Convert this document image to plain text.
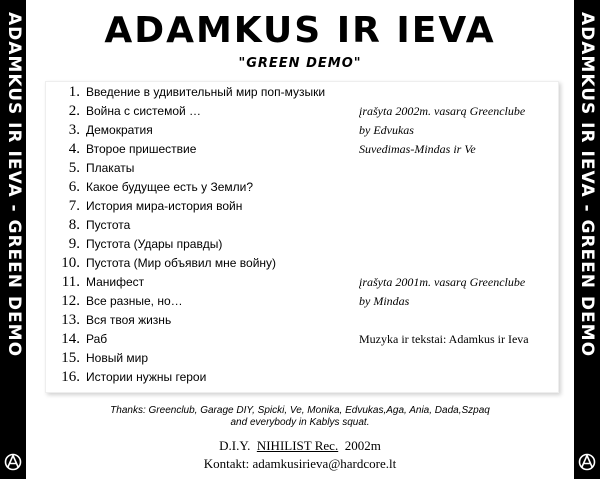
ADAMKUS IR IEVA - GREEN DEMO	ADAMKUS IR IEVA - GREEN DEMO
ADAMKUS IR IEVA
"GREEN DEMO"
1. Введение в удивительный мир поп-музыки
2. Война с системой …
3. Демократия
4. Второе пришествие
5. Плакаты
6. Какое будущее есть у Земли?
7. История мира-история войн
8. Пустота
9. Пустота (Удары правды)
10. Пустота (Мир объявил мне войну)
11. Манифест
12. Все разные, но…
13. Вся твоя жизнь
14. Раб
15. Новый мир
16. Истории нужны герои
įrašyta 2002m. vasarą Greenclube
by Edvukas
Suvedimas-Mindas ir Ve
įrašyta 2001m. vasarą Greenclube
by Mindas
Muzyka ir tekstai: Adamkus ir Ieva
Thanks: Greenclub, Garage DIY, Spicki, Ve, Monika, Edvukas,Aga, Ania, Dada,Szpaq
and everybody in Kablys squat.
D.I.Y. NIHILIST Rec. 2002m
Kontakt: adamkusirieva@hardcore.lt
